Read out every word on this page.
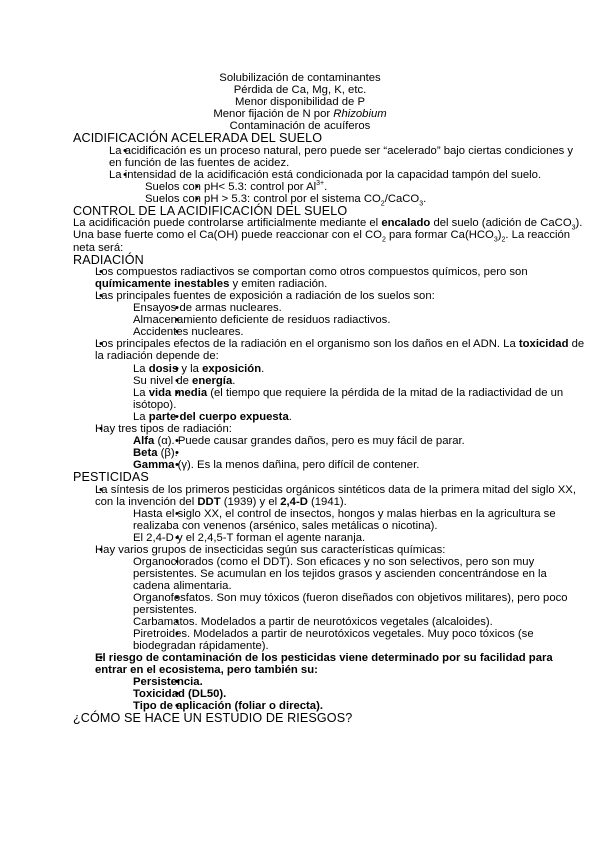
Solubilización de contaminantes
Pérdida de Ca, Mg, K, etc.
Menor disponibilidad de P
Menor fijación de N por Rhizobium
Contaminación de acuíferos
ACIDIFICACIÓN ACELERADA DEL SUELO
• La acidificación es un proceso natural, pero puede ser “acelerado” bajo ciertas condiciones y en función de las fuentes de acidez.
• La intensidad de la acidificación está condicionada por la capacidad tampón del suelo.
• Suelos con pH< 5.3: control por $Al^{3+}$.
• Suelos con pH > 5.3: control por el sistema $CO_2/CaCO_3$.
CONTROL DE LA ACIDIFICACIÓN DEL SUELO

La acidificación puede controlarse artificialmente mediante el encalado del suelo (adición de CaCO$_3$).

Una base fuerte como el Ca(OH) puede reaccionar con el $CO_2$ para formar $Ca(HCO_3)_2$. La reacción neta será:

RADIACIÓN
• Los compuestos radiactivos se comportan como otros compuestos químicos, pero son químicamente inestables y emiten radiación.
• Las principales fuentes de exposición a radiación de los suelos son:
• Ensayos de armas nucleares.
• Almacenamiento deficiente de residuos radiactivos.
• Accidentes nucleares.
• Los principales efectos de la radiación en el organismo son los daños en el ADN. La toxicidad de la radiación depende de:
• La dosis y la exposición.
• Su nivel de energía.
• La vida media (el tiempo que requiere la pérdida de la mitad de la radiactividad de un isótopo).
• La parte del cuerpo expuesta.
• Hay tres tipos de radiación:
• Alfa (α). Puede causar grandes daños, pero es muy fácil de parar.
• Beta (β).
• Gamma (γ). Es la menos dañina, pero difícil de contener.
PESTICIDAS
• La síntesis de los primeros pesticidas orgánicos sintéticos data de la primera mitad del siglo XX, con la invención del DDT (1939) y el 2,4-D (1941).
• Hasta el siglo XX, el control de insectos, hongos y malas hierbas en la agricultura se realizaba con venenos (arsénico, sales metálicas o nicotina).
• El 2,4-D y el 2,4,5-T forman el agente naranja.
• Hay varios grupos de insecticidas según sus características químicas:
• Organoclorados (como el DDT). Son eficaces y no son selectivos, pero son muy persistentes. Se acumulan en los tejidos grasos y ascienden concentrándose en la cadena alimentaria.
• Organofosfatos. Son muy tóxicos (fueron diseñados con objetivos militares), pero poco persistentes.
• Carbamatos. Modelados a partir de neurotóxicos vegetales (alcaloides).
• Piretroides. Modelados a partir de neurotóxicos vegetales. Muy poco tóxicos (se biodegradan rápidamente).
• El riesgo de contaminación de los pesticidas viene determinado por su facilidad para entrar en el ecosistema, pero también su:
• Persistencia.
• Toxicidad (DL50).
• Tipo de aplicación (foliar o directa).
¿CÓMO SE HACE UN ESTUDIO DE RIESGOS?
